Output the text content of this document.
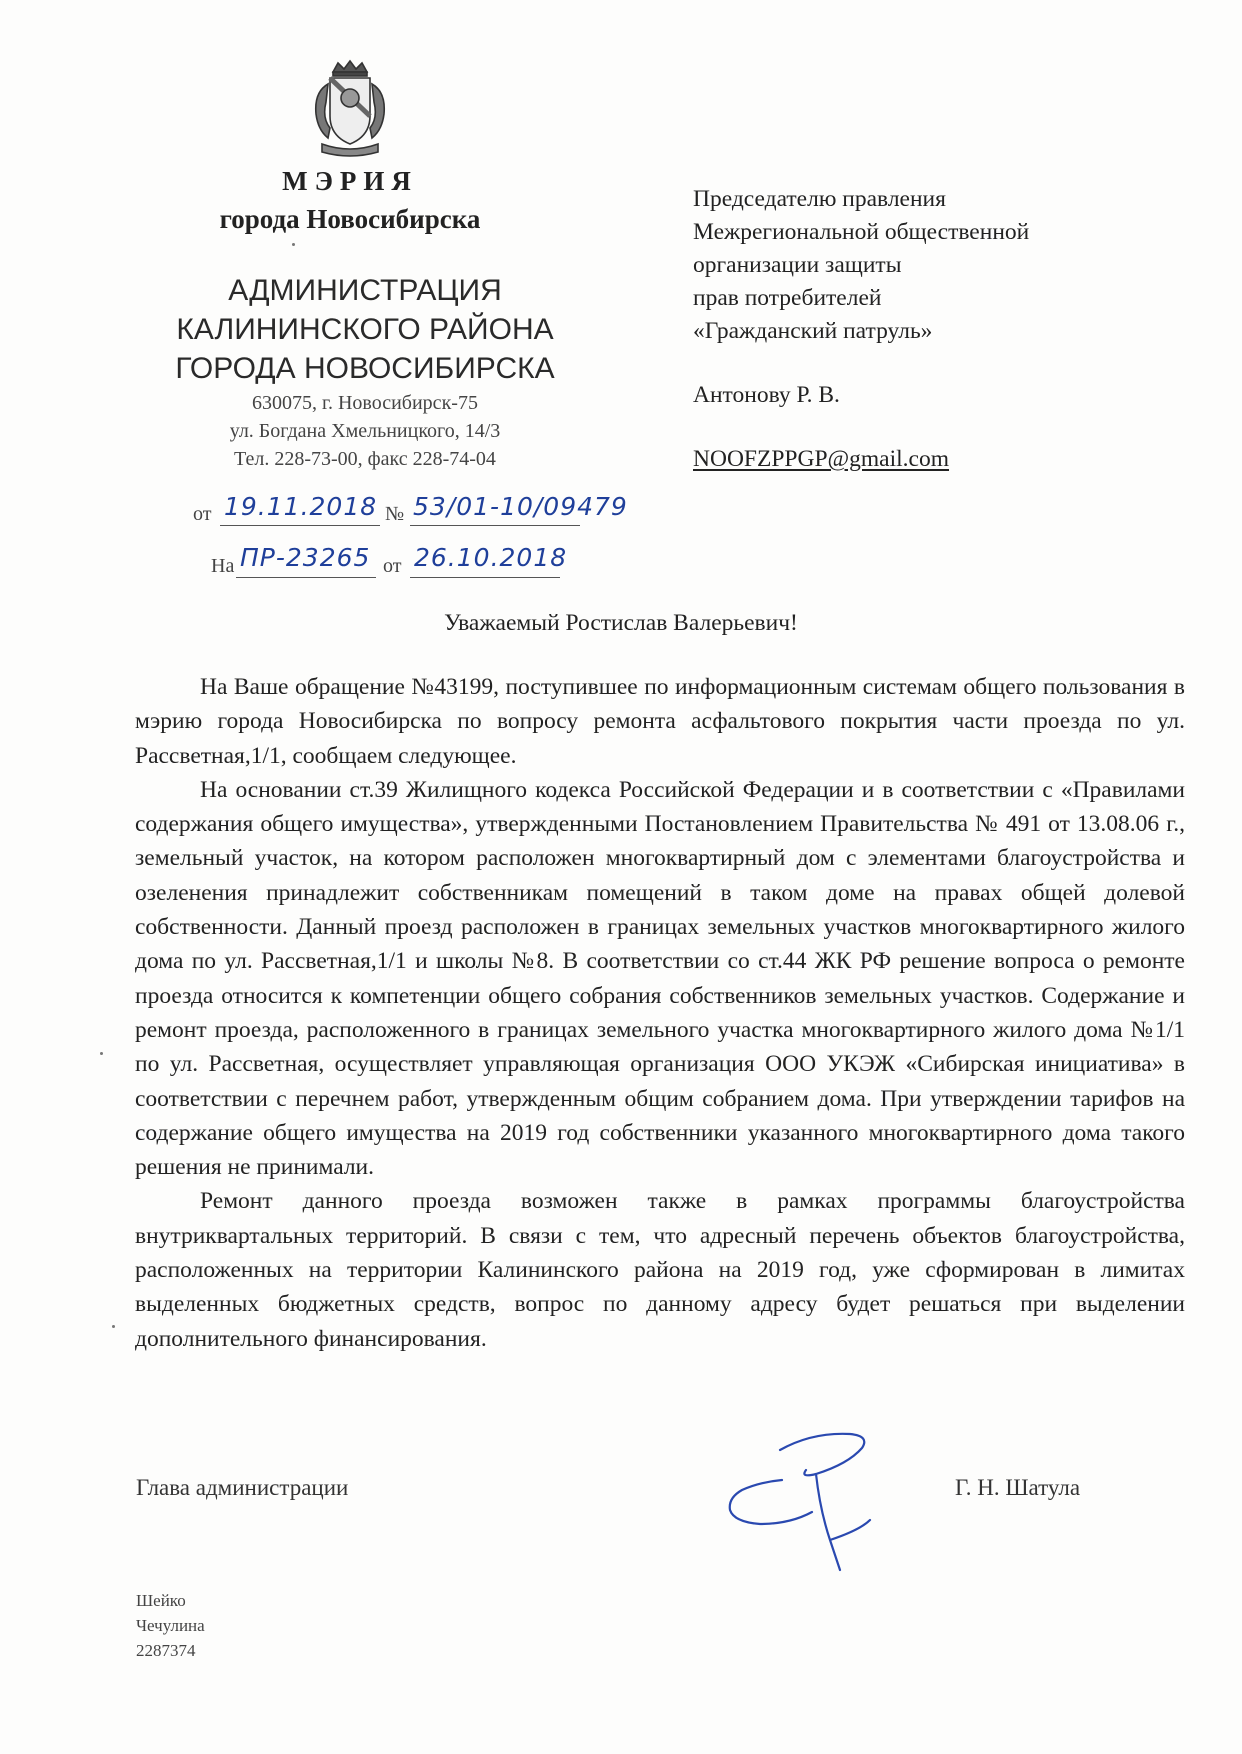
МЭРИЯ
города Новосибирска
АДМИНИСТРАЦИЯ
КАЛИНИНСКОГО РАЙОНА
ГОРОДА НОВОСИБИРСКА
630075, г. Новосибирск-75
ул. Богдана Хмельницкого, 14/3
Тел. 228-73-00, факс 228-74-04
от 19.11.2018 № 53/01-10/09479
На ПР-23265 от 26.10.2018
Председателю правления
Межрегиональной общественной
организации защиты
прав потребителей
«Гражданский патруль»
Антонову Р. В.
NOOFZPPGP@gmail.com
Уважаемый Ростислав Валерьевич!

На Ваше обращение №43199, поступившее по информационным системам общего пользования в мэрию города Новосибирска по вопросу ремонта асфальтового покрытия части проезда по ул. Рассветная,1/1, сообщаем следующее.

На основании ст.39 Жилищного кодекса Российской Федерации и в соответствии с «Правилами содержания общего имущества», утвержденными Постановлением Правительства № 491 от 13.08.06 г., земельный участок, на котором расположен многоквартирный дом с элементами благоустройства и озеленения принадлежит собственникам помещений в таком доме на правах общей долевой собственности. Данный проезд расположен в границах земельных участков многоквартирного жилого дома по ул. Рассветная,1/1 и школы №8. В соответствии со ст.44 ЖК РФ решение вопроса о ремонте проезда относится к компетенции общего собрания собственников земельных участков. Содержание и ремонт проезда, расположенного в границах земельного участка многоквартирного жилого дома №1/1 по ул. Рассветная, осуществляет управляющая организация ООО УКЭЖ «Сибирская инициатива» в соответствии с перечнем работ, утвержденным общим собранием дома. При утверждении тарифов на содержание общего имущества на 2019 год собственники указанного многоквартирного дома такого решения не принимали.

Ремонт данного проезда возможен также в рамках программы благоустройства внутриквартальных территорий. В связи с тем, что адресный перечень объектов благоустройства, расположенных на территории Калининского района на 2019 год, уже сформирован в лимитах выделенных бюджетных средств, вопрос по данному адресу будет решаться при выделении дополнительного финансирования.

Глава администрации	Г. Н. Шатула
Шейко
Чечулина
2287374
